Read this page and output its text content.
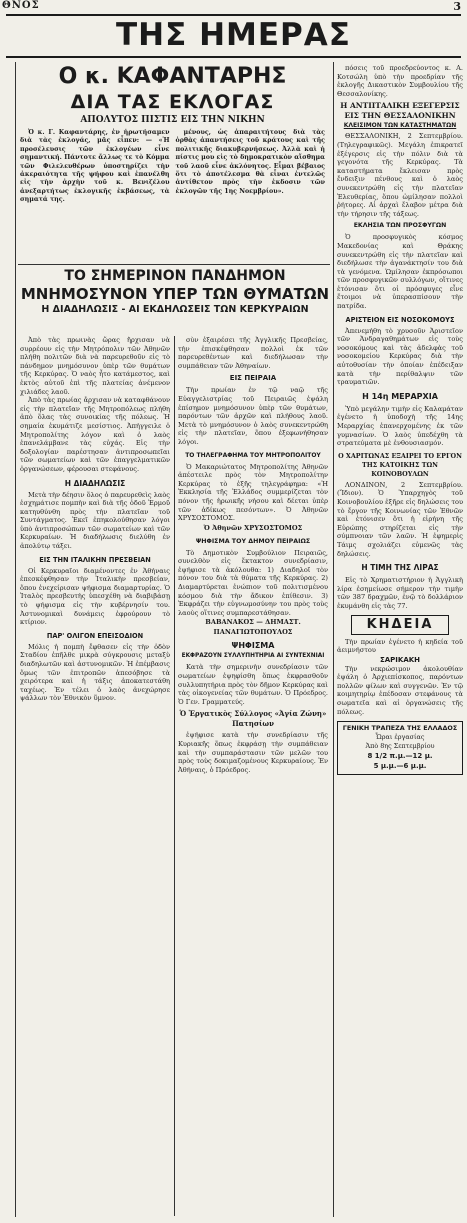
ΘΝΟΣ	3
ΤΗΣ ΗΜΕΡΑΣ
Ο κ. ΚΑΦΑΝΤΑΡΗΣ
ΔΙΑ ΤΑΣ ΕΚΛΟΓΑΣ
ΑΠΟΛΥΤΟΣ ΠΙΣΤΙΣ ΕΙΣ ΤΗΝ ΝΙΚΗΝ

Ὁ κ. Γ. Καφαντάρης, ἐν ἡρωτήσαμεν διὰ τὰς ἐκλογάς, μᾶς εἶπεν: — «Ἡ προσέλευσις τῶν ἐκλογέων εἶνε σημαντική. Πάντοτε ἄλλως τε τὸ Κόμμα τῶν Φιλελευθέρων ὑποστηρίζει τὴν ἀκεραιότητα τῆς ψήφου καὶ ἐπανέλθη εἰς τὴν ἀρχὴν τοῦ κ. Βενιζέλου ἀνεξαρτήτως ἐκλογικῆς ἐκβάσεως, τὰ σηματά της.

μένους, ὡς ἀπαραιτήτους διὰ τὰς ὀρθὰς ἀπαντήσεις τοῦ κράτους καὶ τῆς πολιτικῆς διακυβερνήσεως. Ἀλλὰ καὶ ἡ πίστις μου εἰς τὸ δημοκρατικὸν αἴσθημα τοῦ λαοῦ εἶνε ἀκλόνητος. Εἶμαι βέβαιος ὅτι τὸ ἀποτέλεσμα θὰ εἶναι ἐντελῶς ἀντίθετον πρὸς τὴν ἐκδοσιν τῶν ἐκλογῶν τῆς 1ης Νοεμβρίου».

ΤΟ ΣΗΜΕΡΙΝΟΝ ΠΑΝΔΗΜΟΝ
ΜΝΗΜΟΣΥΝΟΝ ΥΠΕΡ ΤΩΝ ΘΥΜΑΤΩΝ
Η ΔΙΑΔΗΛΩΣΙΣ - ΑΙ ΕΚΔΗΛΩΣΕΙΣ ΤΩΝ ΚΕΡΚΥΡΑΙΩΝ

Ἀπὸ τὰς πρωινὰς ὥρας ἤρχισαν νὰ συρρέουν εἰς τὴν Μητρόπολιν τῶν Ἀθηνῶν πλήθη πολιτῶν διὰ νὰ παρευρεθοῦν εἰς τὸ πάνδημον μνημόσυνον ὑπὲρ τῶν θυμάτων τῆς Κερκύρας. Ὁ ναὸς ἦτο κατάμεστος, καὶ ἐκτὸς αὐτοῦ ἐπὶ τῆς πλατείας ἀνέμενον χιλιάδες λαοῦ.

Ἀπὸ τὰς πρωίας ἄρχισαν νὰ καταφθάνουν εἰς τὴν πλατεῖαν τῆς Μητροπόλεως πλήθη ἀπὸ ὅλας τὰς συνοικίας τῆς πόλεως. Ἡ σημαία ἐκυμάτιζε μεσίστιος. Ἀπήγγειλε ὁ Μητροπολίτης λόγον καὶ ὁ λαὸς ἐπανελάμβανε τὰς εὐχάς. Εἰς τὴν δοξολογίαν παρέστησαν ἀντιπροσωπεῖαι τῶν σωματείων καὶ τῶν ἐπαγγελματικῶν ὀργανώσεων, φέρουσαι στεφάνους.

Η ΔΙΑΔΗΛΩΣΙΣ

Μετὰ τὴν δέησιν ὅλος ὁ παρευρεθεὶς λαὸς ἐσχημάτισε πομπὴν καὶ διὰ τῆς ὁδοῦ Ἑρμοῦ κατηυθύνθη πρὸς τὴν πλατεῖαν τοῦ Συντάγματος. Ἐκεῖ ἐπηκολούθησαν λόγοι ὑπὸ ἀντιπροσώπων τῶν σωματείων καὶ τῶν Κερκυραίων. Ἡ διαδήλωσις διελύθη ἐν ἀπολύτῳ τάξει.

ΕΙΣ ΤΗΝ ΙΤΑΛΙΚΗΝ ΠΡΕΣΒΕΙΑΝ

Οἱ Κερκυραῖοι διαμένοντες ἐν Ἀθήναις ἐπεσκέφθησαν τὴν Ἰταλικὴν πρεσβείαν, ὅπου ἐνεχείρισαν ψήφισμα διαμαρτυρίας. Ὁ Ἰταλὸς πρεσβευτὴς ὑπεσχέθη νὰ διαβιβάσῃ τὸ ψήφισμα εἰς τὴν κυβέρνησίν του. Ἀστυνομικαὶ δυνάμεις ἐφρούρουν τὸ κτίριον.

ΠΑΡ' ΟΛΙΓΟΝ ΕΠΕΙΣΟΔΙΟΝ

Μόλις ἡ πομπὴ ἔφθασεν εἰς τὴν ὁδὸν Σταδίου ἐπῆλθε μικρὰ σύγκρουσις μεταξὺ διαδηλωτῶν καὶ ἀστυνομικῶν. Ἡ ἐπέμβασις ὅμως τῶν ἐπιτροπῶν ἀπεσόβησε τὰ χειρότερα καὶ ἡ τάξις ἀποκατεστάθη ταχέως. Ἐν τέλει ὁ λαὸς ἀνεχώρησε ψάλλων τὸν Ἐθνικὸν ὕμνον.

σὺν ἐξαιρέσει τῆς Ἀγγλικῆς Πρεσβείας, τὴν ἐπισκέφθησαν πολλοὶ ἐκ τῶν παρευρεθέντων καὶ διεδήλωσαν τὴν συμπάθειαν τῶν Ἀθηναίων.

ΕΙΣ ΠΕΙΡΑΙΑ

Τὴν πρωίαν ἐν τῷ ναῷ τῆς Εὐαγγελιστρίας τοῦ Πειραιῶς ἐψάλη ἐπίσημον μνημόσυνον ὑπὲρ τῶν θυμάτων, παρόντων τῶν ἀρχῶν καὶ πλήθους λαοῦ. Μετὰ τὸ μνημόσυνον ὁ λαὸς συνεκεντρώθη εἰς τὴν πλατεῖαν, ὅπου ἐξεφωνήθησαν λόγοι.

ΤΟ ΤΗΛΕΓΡΑΦΗΜΑ ΤΟΥ ΜΗΤΡΟΠΟΛΙΤΟΥ

Ὁ Μακαριώτατος Μητροπολίτης Ἀθηνῶν ἀπέστειλε πρὸς τὸν Μητροπολίτην Κερκύρας τὸ ἑξῆς τηλεγράφημα: «Ἡ Ἐκκλησία τῆς Ἑλλάδος συμμερίζεται τὸν πόνον τῆς ἡρωικῆς νήσου καὶ δέεται ὑπὲρ τῶν ἀδίκως πεσόντων». Ὁ Ἀθηνῶν ΧΡΥΣΟΣΤΟΜΟΣ.

Ὁ Ἀθηνῶν ΧΡΥΣΟΣΤΟΜΟΣ
ΨΗΦΙΣΜΑ ΤΟΥ ΔΗΜΟΥ ΠΕΙΡΑΙΩΣ

Τὸ Δημοτικὸν Συμβούλιον Πειραιῶς, συνελθὸν εἰς ἔκτακτον συνεδρίασιν, ἐψήφισε τὰ ἀκόλουθα: 1) Διαδηλοῖ τὸν πόνον του διὰ τὰ θύματα τῆς Κερκύρας. 2) Διαμαρτύρεται ἐνώπιον τοῦ πολιτισμένου κόσμου διὰ τὴν ἄδικον ἐπίθεσιν. 3) Ἐκφράζει τὴν εὐγνωμοσύνην του πρὸς τοὺς λαοὺς οἵτινες συμπαρεστάθησαν.

ΒΑΒΑΝΑΚΟΣ — ΔΗΜΑΣΤ. ΠΑΝΑΓΙΩΤΟΠΟΥΛΟΣ
ΨΗΦΙΣΜΑ
ΕΚΦΡΑΖΟΥΝ ΣΥΛΛΥΠΗΤΗΡΙΑ ΑΙ ΣΥΝΤΕΧΝΙΑΙ

Κατὰ τὴν σημερινὴν συνεδρίασιν τῶν σωματείων ἐψηφίσθη ὅπως ἐκφρασθοῦν συλλυπητήρια πρὸς τὸν δῆμον Κερκύρας καὶ τὰς οἰκογενείας τῶν θυμάτων. Ὁ Πρόεδρος. Ὁ Γεν. Γραμματεύς.

Ὁ Ἐργατικὸς Σύλλογος «Ἁγία Ζώνη» Πατησίων

ἐψήφισε κατὰ τὴν συνεδρίασιν τῆς Κυριακῆς ὅπως ἐκφράσῃ τὴν συμπάθειαν καὶ τὴν συμπαράστασιν τῶν μελῶν του πρὸς τοὺς δοκιμαζομένους Κερκυραίους. Ἐν Ἀθήναις, ὁ Πρόεδρος.

πόσεις τοῦ προεδρεύοντος κ. Α. Κοτσώλη ὑπὸ τὴν προεδρίαν τῆς ἐκλογῆς Δικαστικὸν Συμβουλίου τῆς Θεσσαλονίκης.

Η ΑΝΤΙΙΤΑΛΙΚΗ ΕΞΕΓΕΡΣΙΣ ΕΙΣ ΤΗΝ ΘΕΣΣΑΛΟΝΙΚΗΝ
ΚΛΕΙΣΙΜΟΝ ΤΩΝ ΚΑΤΑΣΤΗΜΑΤΩΝ

ΘΕΣΣΑΛΟΝΙΚΗ, 2 Σεπτεμβρίου. (Τηλεγραφικῶς). Μεγάλη ἐπικρατεῖ ἐξέγερσις εἰς τὴν πόλιν διὰ τὰ γεγονότα τῆς Κερκύρας. Τὰ καταστήματα ἔκλεισαν πρὸς ἔνδειξιν πένθους καὶ ὁ λαὸς συνεκεντρώθη εἰς τὴν πλατεῖαν Ἐλευθερίας, ὅπου ὡμίλησαν πολλοὶ ῥήτορες. Αἱ ἀρχαὶ ἔλαβον μέτρα διὰ τὴν τήρησιν τῆς τάξεως.

ΕΚΛΗΣΙΑ ΤΩΝ ΠΡΟΣΦΥΓΩΝ

Ὁ προσφυγικὸς κόσμος Μακεδονίας καὶ Θράκης συνεκεντρώθη εἰς τὴν πλατεῖαν καὶ διεδήλωσε τὴν ἀγανάκτησίν του διὰ τὰ γενόμενα. Ὡμίλησαν ἐκπρόσωποι τῶν προσφυγικῶν συλλόγων, οἵτινες ἐτόνισαν ὅτι οἱ πρόσφυγες εἶνε ἕτοιμοι νὰ ὑπερασπίσουν τὴν πατρίδα.

ΑΡΙΣΤΕΙΟΝ ΕΙΣ ΝΟΣΟΚΟΜΟΥΣ

Ἀπενεμήθη τὸ χρυσοῦν Ἀριστεῖον τῶν Ἀνδραγαθημάτων εἰς τοὺς νοσοκόμους καὶ τὰς ἀδελφὰς τοῦ νοσοκομείου Κερκύρας διὰ τὴν αὐτοθυσίαν τὴν ὁποίαν ἐπέδειξαν κατὰ τὴν περίθαλψιν τῶν τραυματιῶν.

Η 14η ΜΕΡΑΡΧΙΑ

Ὑπὸ μεγάλην τιμὴν εἰς Καλαμάταν ἐγένετο ἡ ὑποδοχὴ τῆς 14ης Μεραρχίας ἐπανερχομένης ἐκ τῶν γυμνασίων. Ὁ λαὸς ὑπεδέχθη τὰ στρατεύματα μὲ ἐνθουσιασμόν.

Ο ΧΑΡΙΤΩΝΑΣ ΕΞΑΙΡΕΙ ΤΟ ΕΡΓΟΝ ΤΗΣ ΚΑΤΟΙΚΗΣ ΤΩΝ ΚΟΙΝΟΒΟΥΛΩΝ

ΛΟΝΔΙΝΟΝ, 2 Σεπτεμβρίου. (Ἴδιον). Ὁ Ὑπαρχηγὸς τοῦ Κοινοβουλίου ἐξῆρε εἰς δηλώσεις του τὸ ἔργον τῆς Κοινωνίας τῶν Ἐθνῶν καὶ ἐτόνισεν ὅτι ἡ εἰρήνη τῆς Εὐρώπης στηρίζεται εἰς τὴν σύμπνοιαν τῶν λαῶν. Ἡ ἐφημερὶς Τάιμς σχολιάζει εὐμενῶς τὰς δηλώσεις.

Η ΤΙΜΗ ΤΗΣ ΛΙΡΑΣ

Εἰς τὸ Χρηματιστήριον ἡ Ἀγγλικὴ λίρα ἐσημείωσε σήμερον τὴν τιμὴν τῶν 387 δραχμῶν, ἐνῷ τὸ δολλάριον ἐκυμάνθη εἰς τὰς 77.

ΚΗΔΕΙΑ

Τὴν πρωίαν ἐγένετο ἡ κηδεία τοῦ ἀειμνήστου

ΣΑΡΙΚΑΚΗ

Τὴν νεκρώσιμον ἀκολουθίαν ἐψάλη ὁ Ἀρχιεπίσκοπος, παρόντων πολλῶν φίλων καὶ συγγενῶν. Ἐν τῷ κοιμητηρίῳ ἐπέδοσαν στεφάνους τὰ σωματεῖα καὶ αἱ ὀργανώσεις τῆς πόλεως.

ΓΕΝΙΚΗ ΤΡΑΠΕΖΑ ΤΗΣ ΕΛΛΑΔΟΣ
Ὧραι ἐργασίας
Ἀπὸ 8ης Σεπτεμβρίου
8 1/2 π.μ.—12 μ.
5 μ.μ.—6 μ.μ.
